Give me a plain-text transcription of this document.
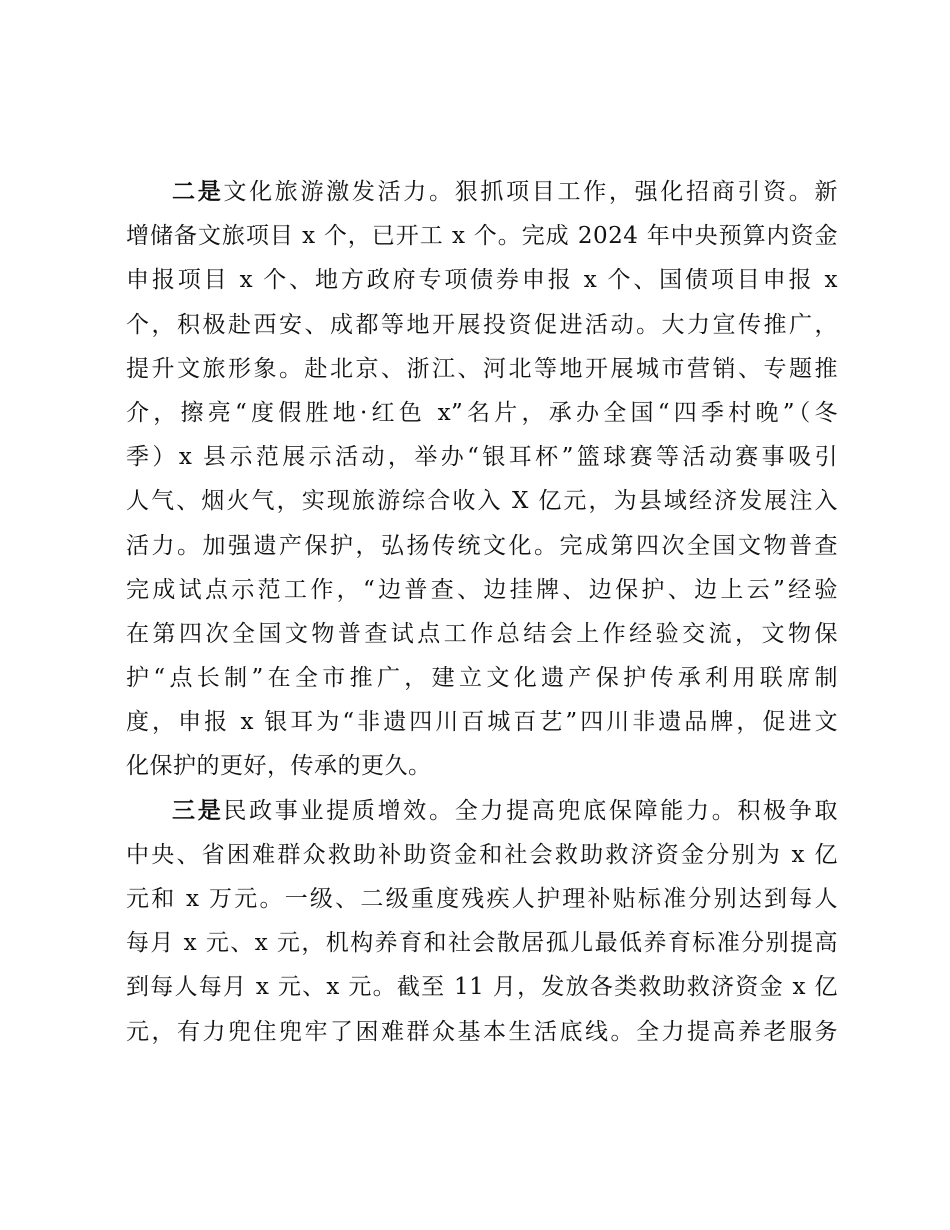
二是文化旅游激发活力。狠抓项目工作，强化招商引资。新
增储备文旅项目 x 个，已开工 x 个。完成 2024 年中央预算内资金
申报项目 x 个、地方政府专项债券申报 x 个、国债项目申报 x
个，积极赴西安、成都等地开展投资促进活动。大力宣传推广，
提升文旅形象。赴北京、浙江、河北等地开展城市营销、专题推
介，擦亮“度假胜地·红色 x”名片，承办全国“四季村晚”（冬
季）x 县示范展示活动，举办“银耳杯”篮球赛等活动赛事吸引
人气、烟火气，实现旅游综合收入 X 亿元，为县域经济发展注入
活力。加强遗产保护，弘扬传统文化。完成第四次全国文物普查
完成试点示范工作，“边普查、边挂牌、边保护、边上云”经验
在第四次全国文物普查试点工作总结会上作经验交流，文物保
护“点长制”在全市推广，建立文化遗产保护传承利用联席制
度，申报 x 银耳为“非遗四川百城百艺”四川非遗品牌，促进文
化保护的更好，传承的更久。
三是民政事业提质增效。全力提高兜底保障能力。积极争取
中央、省困难群众救助补助资金和社会救助救济资金分别为 x 亿
元和 x 万元。一级、二级重度残疾人护理补贴标准分别达到每人
每月 x 元、x 元，机构养育和社会散居孤儿最低养育标准分别提高
到每人每月 x 元、x 元。截至 11 月，发放各类救助救济资金 x 亿
元，有力兜住兜牢了困难群众基本生活底线。全力提高养老服务
